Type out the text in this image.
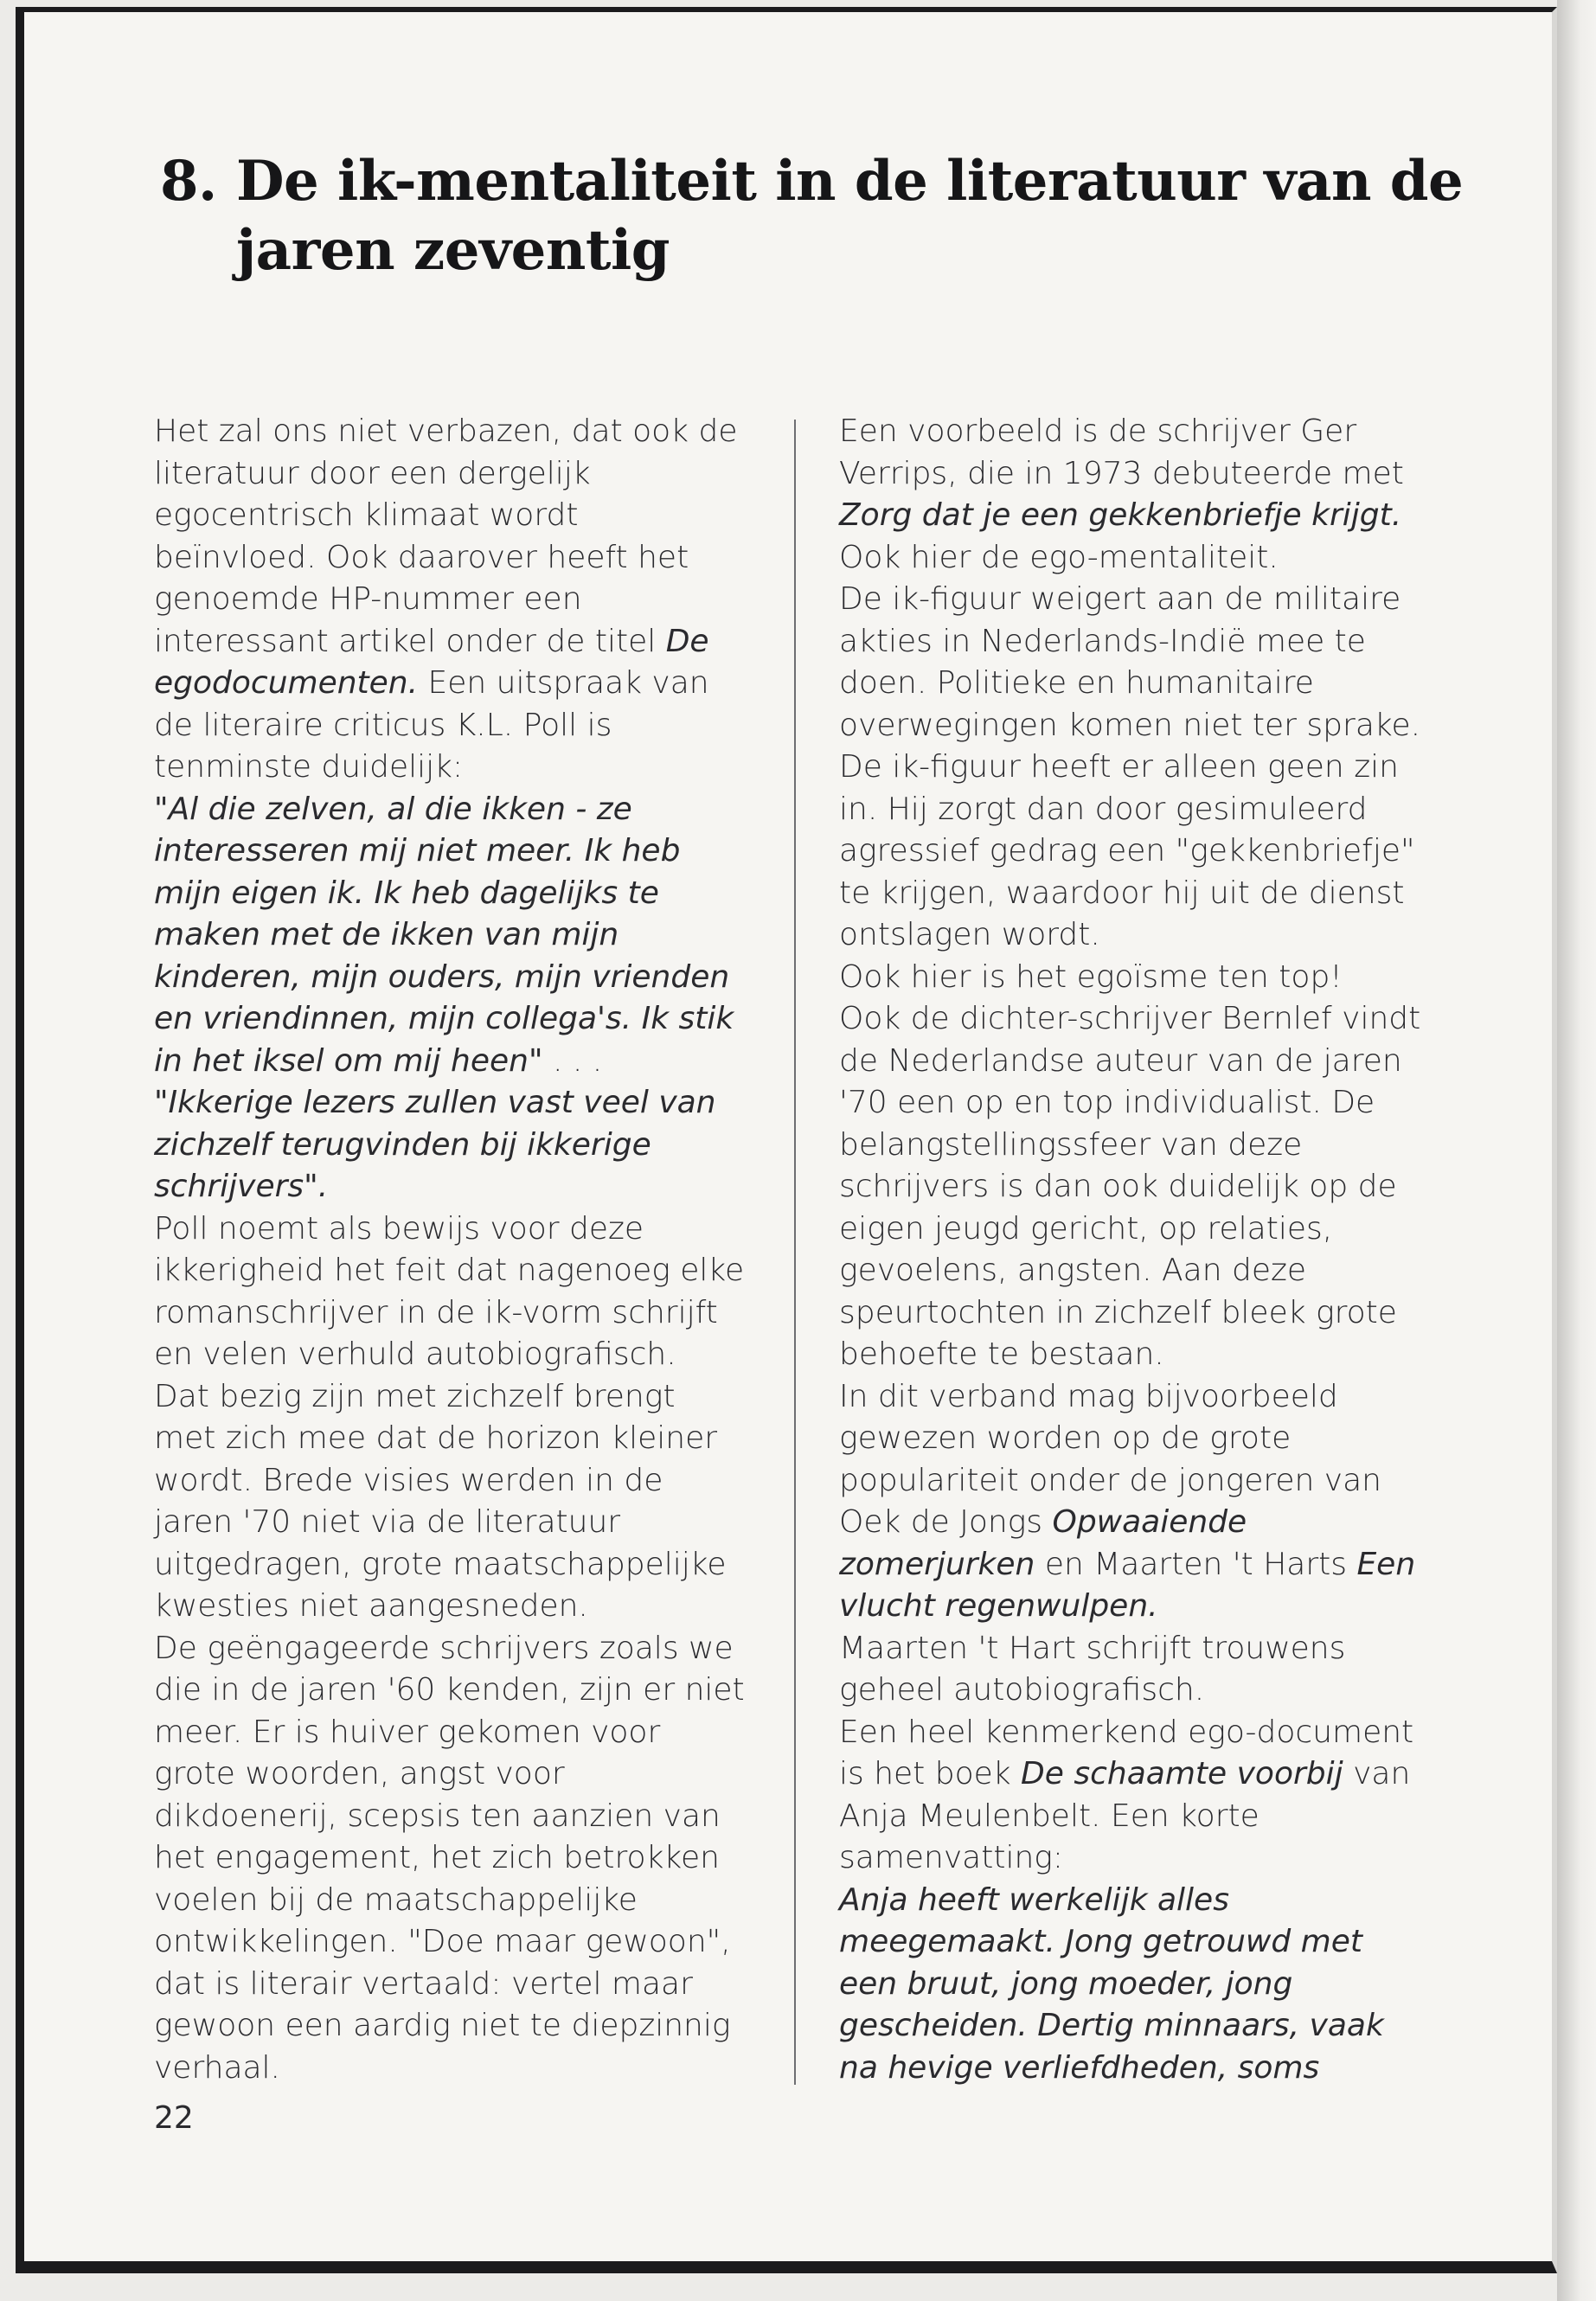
8. De ik-mentaliteit in de literatuur van de
jaren zeventig
Het zal ons niet verbazen, dat ook de
literatuur door een dergelijk
egocentrisch klimaat wordt
beïnvloed. Ook daarover heeft het
genoemde HP-nummer een
interessant artikel onder de titel De
egodocumenten. Een uitspraak van
de literaire criticus K.L. Poll is
tenminste duidelijk:
"Al die zelven, al die ikken - ze
interesseren mij niet meer. Ik heb
mijn eigen ik. Ik heb dagelijks te
maken met de ikken van mijn
kinderen, mijn ouders, mijn vrienden
en vriendinnen, mijn collega's. Ik stik
in het iksel om mij heen" . . .
"Ikkerige lezers zullen vast veel van
zichzelf terugvinden bij ikkerige
schrijvers".
Poll noemt als bewijs voor deze
ikkerigheid het feit dat nagenoeg elke
romanschrijver in de ik-vorm schrijft
en velen verhuld autobiografisch.
Dat bezig zijn met zichzelf brengt
met zich mee dat de horizon kleiner
wordt. Brede visies werden in de
jaren '70 niet via de literatuur
uitgedragen, grote maatschappelijke
kwesties niet aangesneden.
De geëngageerde schrijvers zoals we
die in de jaren '60 kenden, zijn er niet
meer. Er is huiver gekomen voor
grote woorden, angst voor
dikdoenerij, scepsis ten aanzien van
het engagement, het zich betrokken
voelen bij de maatschappelijke
ontwikkelingen. "Doe maar gewoon",
dat is literair vertaald: vertel maar
gewoon een aardig niet te diepzinnig
verhaal.
Een voorbeeld is de schrijver Ger
Verrips, die in 1973 debuteerde met
Zorg dat je een gekkenbriefje krijgt.
Ook hier de ego-mentaliteit.
De ik-figuur weigert aan de militaire
akties in Nederlands-Indië mee te
doen. Politieke en humanitaire
overwegingen komen niet ter sprake.
De ik-figuur heeft er alleen geen zin
in. Hij zorgt dan door gesimuleerd
agressief gedrag een "gekkenbriefje"
te krijgen, waardoor hij uit de dienst
ontslagen wordt.
Ook hier is het egoïsme ten top!
Ook de dichter-schrijver Bernlef vindt
de Nederlandse auteur van de jaren
'70 een op en top individualist. De
belangstellingssfeer van deze
schrijvers is dan ook duidelijk op de
eigen jeugd gericht, op relaties,
gevoelens, angsten. Aan deze
speurtochten in zichzelf bleek grote
behoefte te bestaan.
In dit verband mag bijvoorbeeld
gewezen worden op de grote
populariteit onder de jongeren van
Oek de Jongs Opwaaiende
zomerjurken en Maarten 't Harts Een
vlucht regenwulpen.
Maarten 't Hart schrijft trouwens
geheel autobiografisch.
Een heel kenmerkend ego-document
is het boek De schaamte voorbij van
Anja Meulenbelt. Een korte
samenvatting:
Anja heeft werkelijk alles
meegemaakt. Jong getrouwd met
een bruut, jong moeder, jong
gescheiden. Dertig minnaars, vaak
na hevige verliefdheden, soms
22
